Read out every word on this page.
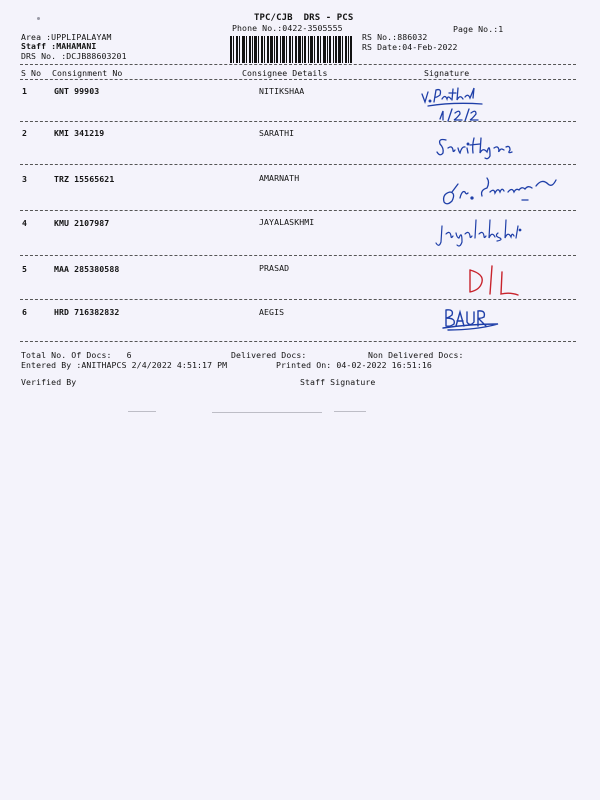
TPC/CJB  DRS - PCS
Phone No.:0422-3505555	Page No.:1
Area :UPPLIPALAYAM
Staff :MAHAMANI
DRS No. :DCJB88603201
RS No.:886032
RS Date:04-Feb-2022
S No Consignment No	Consignee Details	Signature
1	GNT 99903	NITIKSHAA
2	KMI 341219	SARATHI
3	TRZ 15565621	AMARNATH
4	KMU 2107987	JAYALASKHMI
5	MAA 285380588	PRASAD
6	HRD 716382832	AEGIS
Total No. Of Docs:   6	Delivered Docs:	Non Delivered Docs:
Entered By :ANITHAPCS 2/4/2022 4:51:17 PM	Printed On: 04-02-2022 16:51:16
Verified By	Staff Signature
